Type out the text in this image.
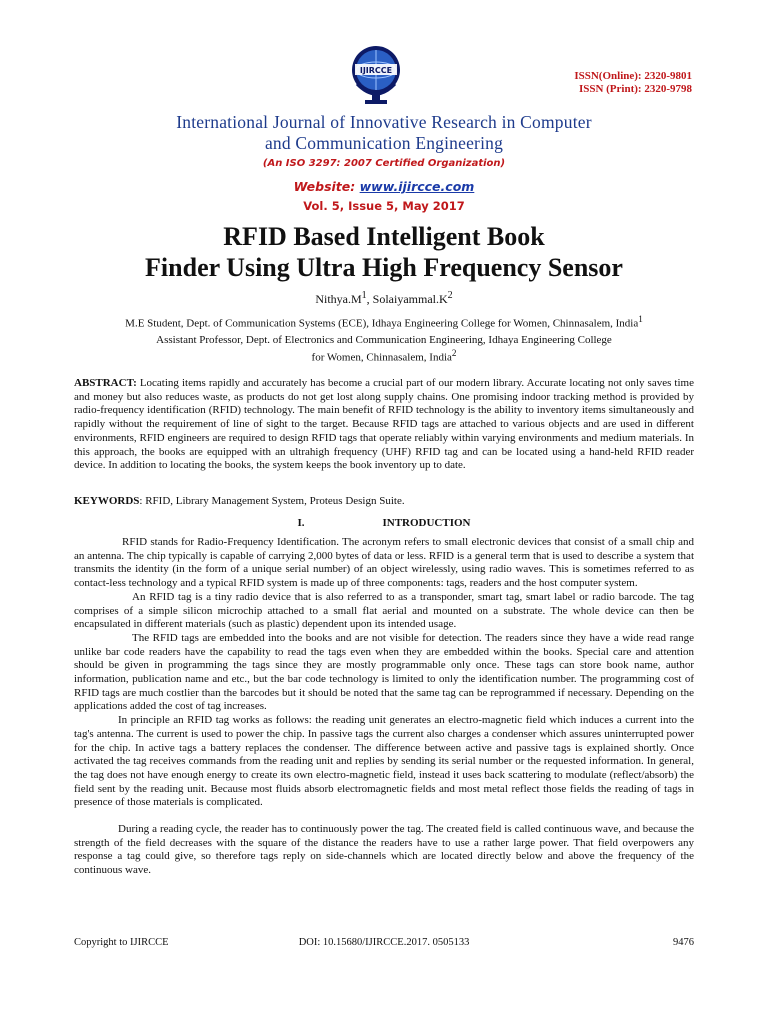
IJIRCCE	ISSN(Online): 2320-9801
ISSN (Print): 2320-9798
International Journal of Innovative Research in Computer
and Communication Engineering
(An ISO 3297: 2007 Certified Organization)
Website: www.ijircce.com
Vol. 5, Issue 5, May 2017
RFID Based Intelligent Book
Finder Using Ultra High Frequency Sensor
$Nithya.M^1$, $Solaiyammal.K^2$
M.E Student, Dept. of Communication Systems (ECE), Idhaya Engineering College for Women, Chinnasalem, India$^1$
Assistant Professor, Dept. of Electronics and Communication Engineering, Idhaya Engineering College
for Women, Chinnasalem, India$^2$
ABSTRACT: Locating items rapidly and accurately has become a crucial part of our modern library. Accurate locating not only saves time and money but also reduces waste, as products do not get lost along supply chains. One promising indoor tracking method is provided by radio-frequency identification (RFID) technology. The main benefit of RFID technology is the ability to inventory items simultaneously and rapidly without the requirement of line of sight to the target. Because RFID tags are attached to various objects and are used in different environments, RFID engineers are required to design RFID tags that operate reliably within varying environments and medium materials. In this approach, the books are equipped with an ultrahigh frequency (UHF) RFID tag and can be located using a hand-held RFID reader device. In addition to locating the books, the system keeps the book inventory up to date.
KEYWORDS: RFID, Library Management System, Proteus Design Suite.
I.	INTRODUCTION

RFID stands for Radio-Frequency Identification. The acronym refers to small electronic devices that consist of a small chip and an antenna. The chip typically is capable of carrying 2,000 bytes of data or less. RFID is a general term that is used to describe a system that transmits the identity (in the form of a unique serial number) of an object wirelessly, using radio waves. This is sometimes referred to as contact-less technology and a typical RFID system is made up of three components: tags, readers and the host computer system.

An RFID tag is a tiny radio device that is also referred to as a transponder, smart tag, smart label or radio barcode. The tag comprises of a simple silicon microchip attached to a small flat aerial and mounted on a substrate. The whole device can then be encapsulated in different materials (such as plastic) dependent upon its intended usage.

The RFID tags are embedded into the books and are not visible for detection. The readers since they have a wide read range unlike bar code readers have the capability to read the tags even when they are embedded within the books. Special care and attention should be given in programming the tags since they are mostly programmable only once. These tags can store book name, author information, publication name and etc., but the bar code technology is limited to only the identification number. The programming cost of RFID tags are much costlier than the barcodes but it should be noted that the same tag can be reprogrammed if necessary. Depending on the applications added the cost of tag increases.

In principle an RFID tag works as follows: the reading unit generates an electro-magnetic field which induces a current into the tag's antenna. The current is used to power the chip. In passive tags the current also charges a condenser which assures uninterrupted power for the chip. In active tags a battery replaces the condenser. The difference between active and passive tags is explained shortly. Once activated the tag receives commands from the reading unit and replies by sending its serial number or the requested information. In general, the tag does not have enough energy to create its own electro-magnetic field, instead it uses back scattering to modulate (reflect/absorb) the field sent by the reading unit. Because most fluids absorb electromagnetic fields and most metal reflect those fields the reading of tags in presence of those materials is complicated.

During a reading cycle, the reader has to continuously power the tag. The created field is called continuous wave, and because the strength of the field decreases with the square of the distance the readers have to use a rather large power. That field overpowers any response a tag could give, so therefore tags reply on side-channels which are located directly below and above the frequency of the continuous wave.

Copyright to IJIRCCE	DOI: 10.15680/IJIRCCE.2017. 0505133	9476
